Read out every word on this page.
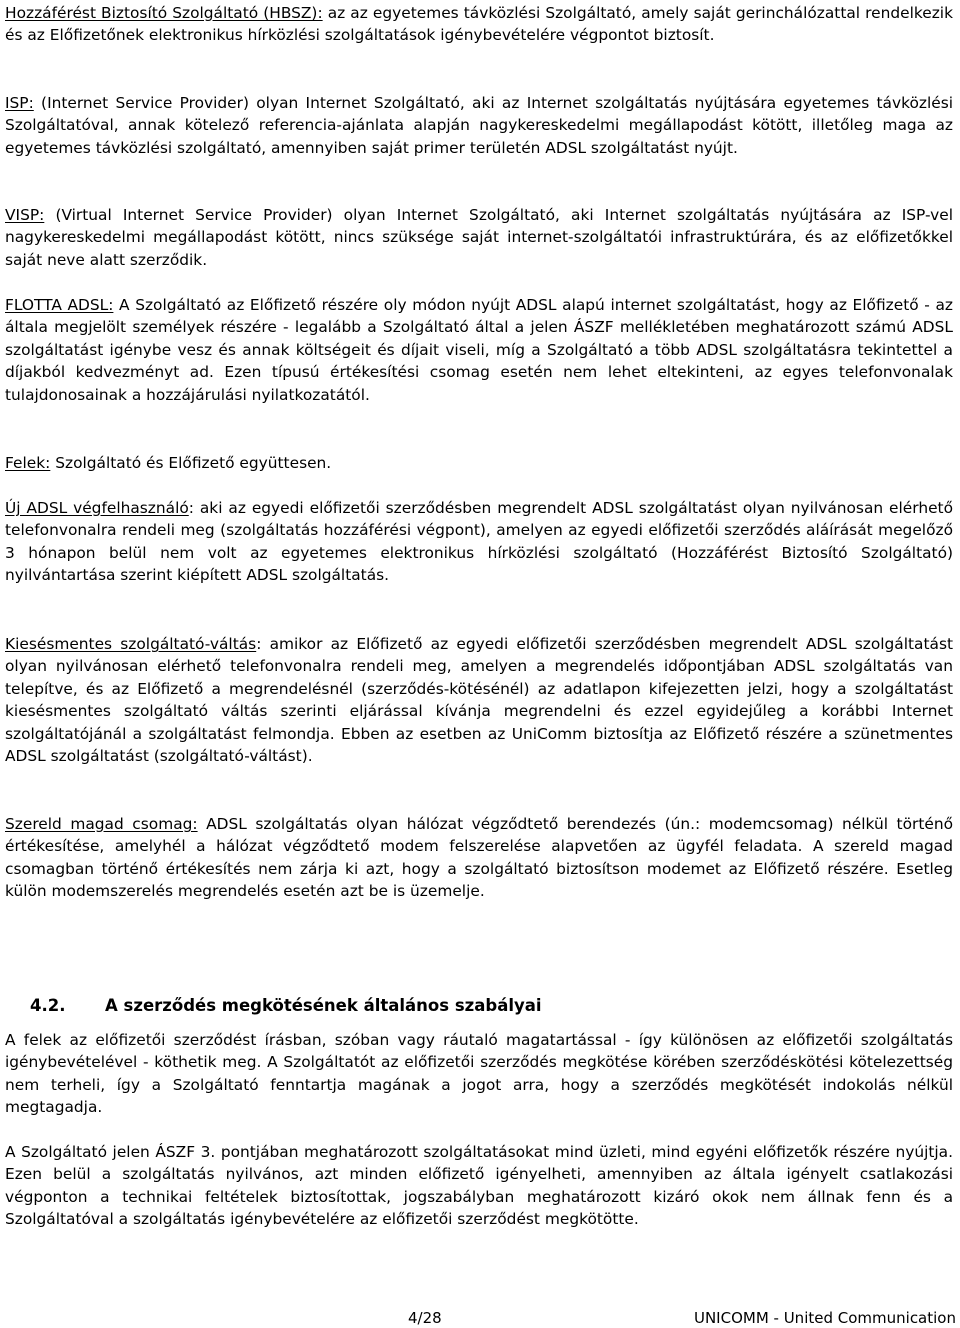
Hozzáférést Biztosító Szolgáltató (HBSZ): az az egyetemes távközlési Szolgáltató, amely saját gerinchálózattal rendelkezik és az Előfizetőnek elektronikus hírközlési szolgáltatások igénybevételére végpontot biztosít.

ISP: (Internet Service Provider) olyan Internet Szolgáltató, aki az Internet szolgáltatás nyújtására egyetemes távközlési Szolgáltatóval, annak kötelező referencia-ajánlata alapján nagykereskedelmi megállapodást kötött, illetőleg maga az egyetemes távközlési szolgáltató, amennyiben saját primer területén ADSL szolgáltatást nyújt.

VISP: (Virtual Internet Service Provider) olyan Internet Szolgáltató, aki Internet szolgáltatás nyújtására az ISP-vel nagykereskedelmi megállapodást kötött, nincs szüksége saját internet-szolgáltatói infrastruktúrára, és az előfizetőkkel saját neve alatt szerződik.

FLOTTA ADSL: A Szolgáltató az Előfizető részére oly módon nyújt ADSL alapú internet szolgáltatást, hogy az Előfizető - az általa megjelölt személyek részére - legalább a Szolgáltató által a jelen ÁSZF mellékletében meghatározott számú ADSL szolgáltatást igénybe vesz és annak költségeit és díjait viseli, míg a Szolgáltató a több ADSL szolgáltatásra tekintettel a díjakból kedvezményt ad. Ezen típusú értékesítési csomag esetén nem lehet eltekinteni, az egyes telefonvonalak tulajdonosainak a hozzájárulási nyilatkozatától.

Felek: Szolgáltató és Előfizető együttesen.

Új ADSL végfelhasználó: aki az egyedi előfizetői szerződésben megrendelt ADSL szolgáltatást olyan nyilvánosan elérhető telefonvonalra rendeli meg (szolgáltatás hozzáférési végpont), amelyen az egyedi előfizetői szerződés aláírását megelőző 3 hónapon belül nem volt az egyetemes elektronikus hírközlési szolgáltató (Hozzáférést Biztosító Szolgáltató) nyilvántartása szerint kiépített ADSL szolgáltatás.

Kiesésmentes szolgáltató-váltás: amikor az Előfizető az egyedi előfizetői szerződésben megrendelt ADSL szolgáltatást olyan nyilvánosan elérhető telefonvonalra rendeli meg, amelyen a megrendelés időpontjában ADSL szolgáltatás van telepítve, és az Előfizető a megrendelésnél (szerződés-kötésénél) az adatlapon kifejezetten jelzi, hogy a szolgáltatást kiesésmentes szolgáltató váltás szerinti eljárással kívánja megrendelni és ezzel egyidejűleg a korábbi Internet szolgáltatójánál a szolgáltatást felmondja. Ebben az esetben az UniComm biztosítja az Előfizető részére a szünetmentes ADSL szolgáltatást (szolgáltató-váltást).

Szereld magad csomag: ADSL szolgáltatás olyan hálózat végződtető berendezés (ún.: modemcsomag) nélkül történő értékesítése, amelyhél a hálózat végződtető modem felszerelése alapvetően az ügyfél feladata. A szereld magad csomagban történő értékesítés nem zárja ki azt, hogy a szolgáltató biztosítson modemet az Előfizető részére. Esetleg külön modemszerelés megrendelés esetén azt be is üzemelje.

4.2. A szerződés megkötésének általános szabályai

A felek az előfizetői szerződést írásban, szóban vagy ráutaló magatartással - így különösen az előfizetői szolgáltatás igénybevételével - köthetik meg. A Szolgáltatót az előfizetői szerződés megkötése körében szerződéskötési kötelezettség nem terheli, így a Szolgáltató fenntartja magának a jogot arra, hogy a szerződés megkötését indokolás nélkül megtagadja.

A Szolgáltató jelen ÁSZF 3. pontjában meghatározott szolgáltatásokat mind üzleti, mind egyéni előfizetők részére nyújtja. Ezen belül a szolgáltatás nyilvános, azt minden előfizető igényelheti, amennyiben az általa igényelt csatlakozási végponton a technikai feltételek biztosítottak, jogszabályban meghatározott kizáró okok nem állnak fenn és a Szolgáltatóval a szolgáltatás igénybevételére az előfizetői szerződést megkötötte.

4/28	UNICOMM - United Communication
